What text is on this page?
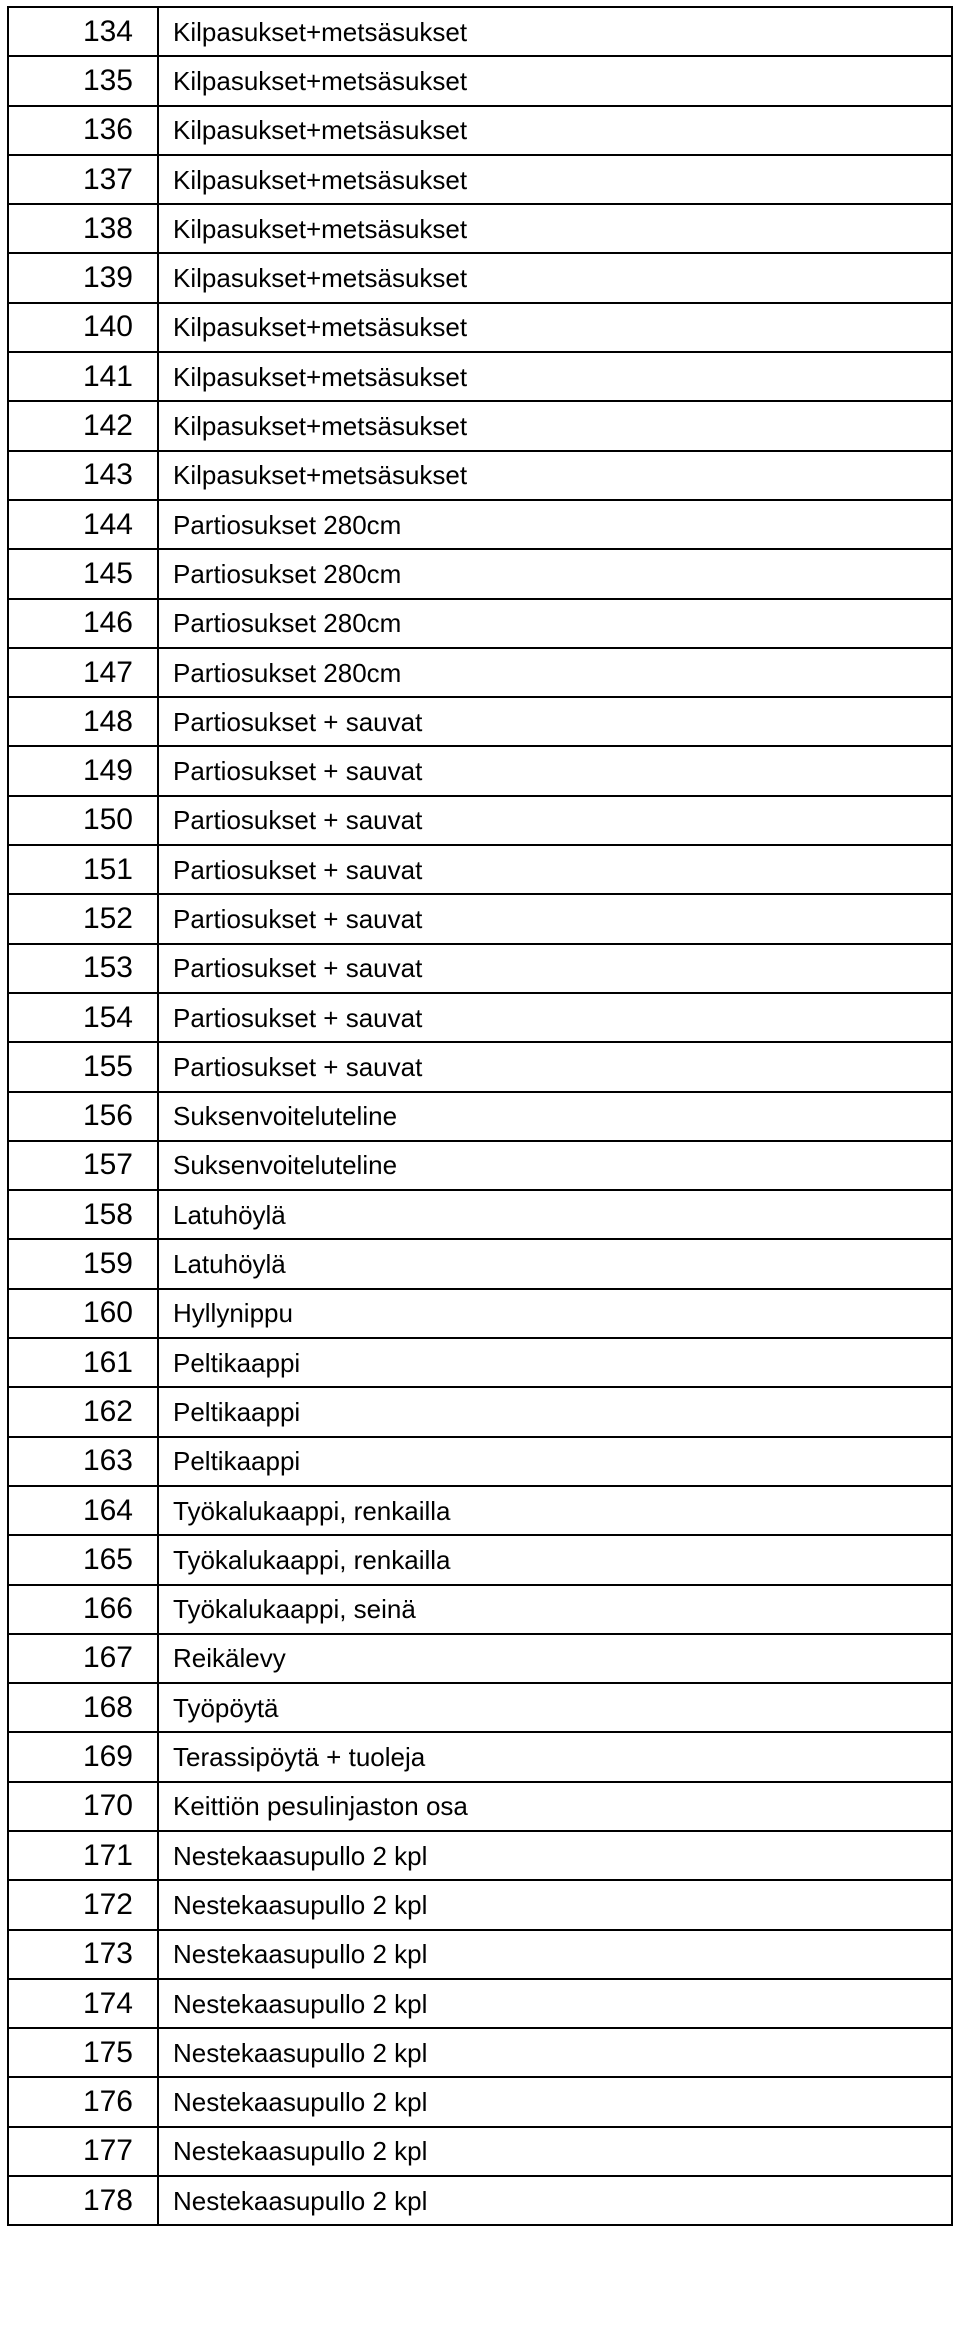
134	Kilpasukset+metsäsukset
135	Kilpasukset+metsäsukset
136	Kilpasukset+metsäsukset
137	Kilpasukset+metsäsukset
138	Kilpasukset+metsäsukset
139	Kilpasukset+metsäsukset
140	Kilpasukset+metsäsukset
141	Kilpasukset+metsäsukset
142	Kilpasukset+metsäsukset
143	Kilpasukset+metsäsukset
144	Partiosukset 280cm
145	Partiosukset 280cm
146	Partiosukset 280cm
147	Partiosukset 280cm
148	Partiosukset + sauvat
149	Partiosukset + sauvat
150	Partiosukset + sauvat
151	Partiosukset + sauvat
152	Partiosukset + sauvat
153	Partiosukset + sauvat
154	Partiosukset + sauvat
155	Partiosukset + sauvat
156	Suksenvoiteluteline
157	Suksenvoiteluteline
158	Latuhöylä
159	Latuhöylä
160	Hyllynippu
161	Peltikaappi
162	Peltikaappi
163	Peltikaappi
164	Työkalukaappi, renkailla
165	Työkalukaappi, renkailla
166	Työkalukaappi, seinä
167	Reikälevy
168	Työpöytä
169	Terassipöytä + tuoleja
170	Keittiön pesulinjaston osa
171	Nestekaasupullo 2 kpl
172	Nestekaasupullo 2 kpl
173	Nestekaasupullo 2 kpl
174	Nestekaasupullo 2 kpl
175	Nestekaasupullo 2 kpl
176	Nestekaasupullo 2 kpl
177	Nestekaasupullo 2 kpl
178	Nestekaasupullo 2 kpl
